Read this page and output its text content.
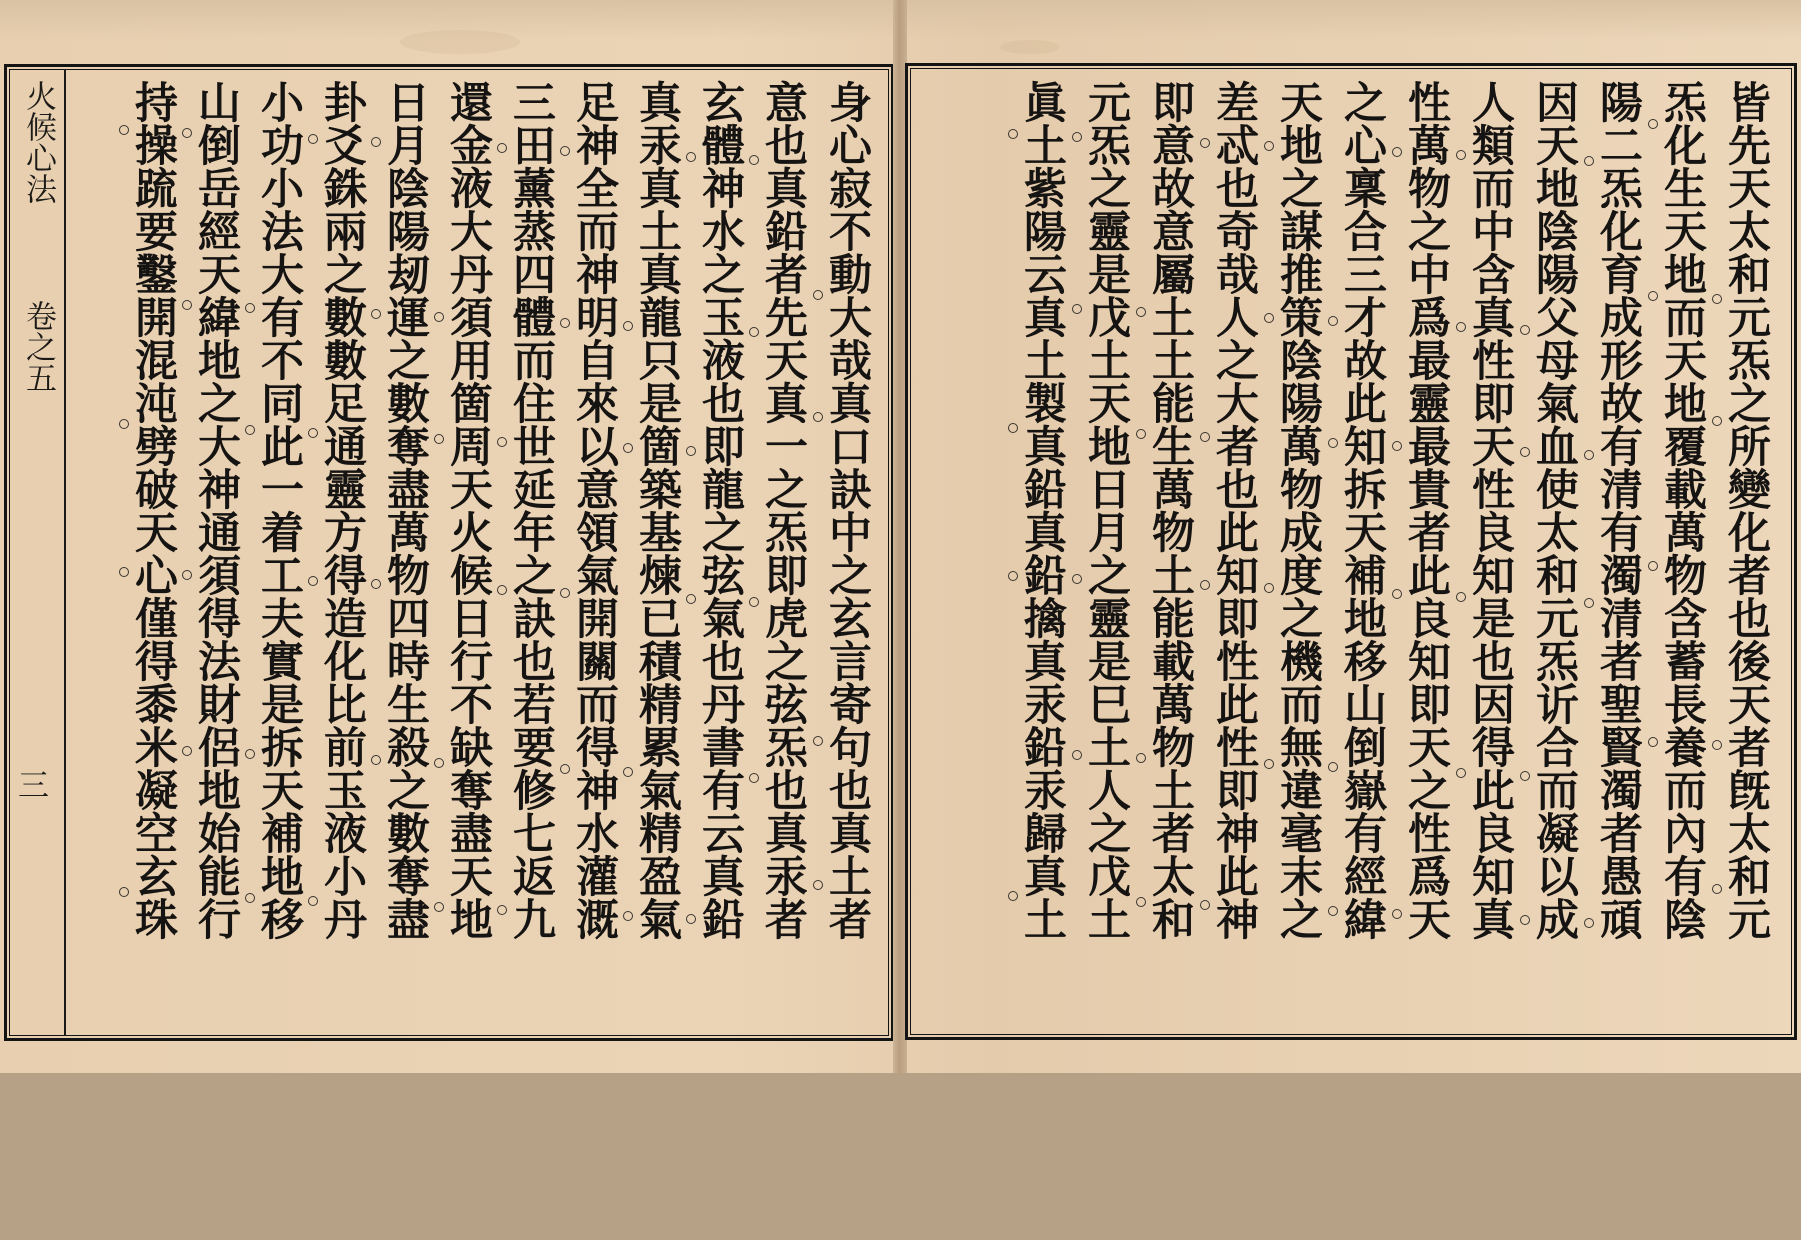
火候心法
卷之五
三	身心寂不動大哉真口訣中之玄言寄句也真土者
意也真鉛者先天真一之炁即虎之弦炁也真汞者
玄體神水之玉液也即龍之弦氣也丹書有云真鉛
真汞真土真龍只是箇築基煉已積精累氣精盈氣
足神全而神明自來以意領氣開關而得神水灌溉
三田薰蒸四體而住世延年之訣也若要修七返九
還金液大丹須用箇周天火候日行不缺奪盡天地
日月陰陽刼運之數奪盡萬物四時生殺之數奪盡
卦爻銖兩之數數足通靈方得造化比前玉液小丹
小功小法大有不同此一着工夫實是拆天補地移
山倒岳經天緯地之大神通須得法財侶地始能行
持操䟽要鑿開混沌劈破天心僅得黍米凝空玄珠	皆先天太和元炁之所變化者也後天者旣太和元
炁化生天地而天地覆載萬物含蓄長養而內有陰
陽二炁化育成形故有清有濁清者聖賢濁者愚頑
因天地陰陽父母氣血使太和元炁䜣合而凝以成
人類而中含真性即天性良知是也因得此良知真
性萬物之中爲最靈最貴者此良知即天之性爲天
之心稟合三才故此知拆天補地移山倒嶽有經緯
天地之謀推策陰陽萬物成度之機而無違毫末之
差忒也奇哉人之大者也此知即性此性即神此神
即意故意屬土土能生萬物土能載萬物土者太和
元炁之靈是戊土天地日月之靈是巳土人之戊土
眞土紫陽云真土製真鉛真鉛擒真汞鉛汞歸真土
